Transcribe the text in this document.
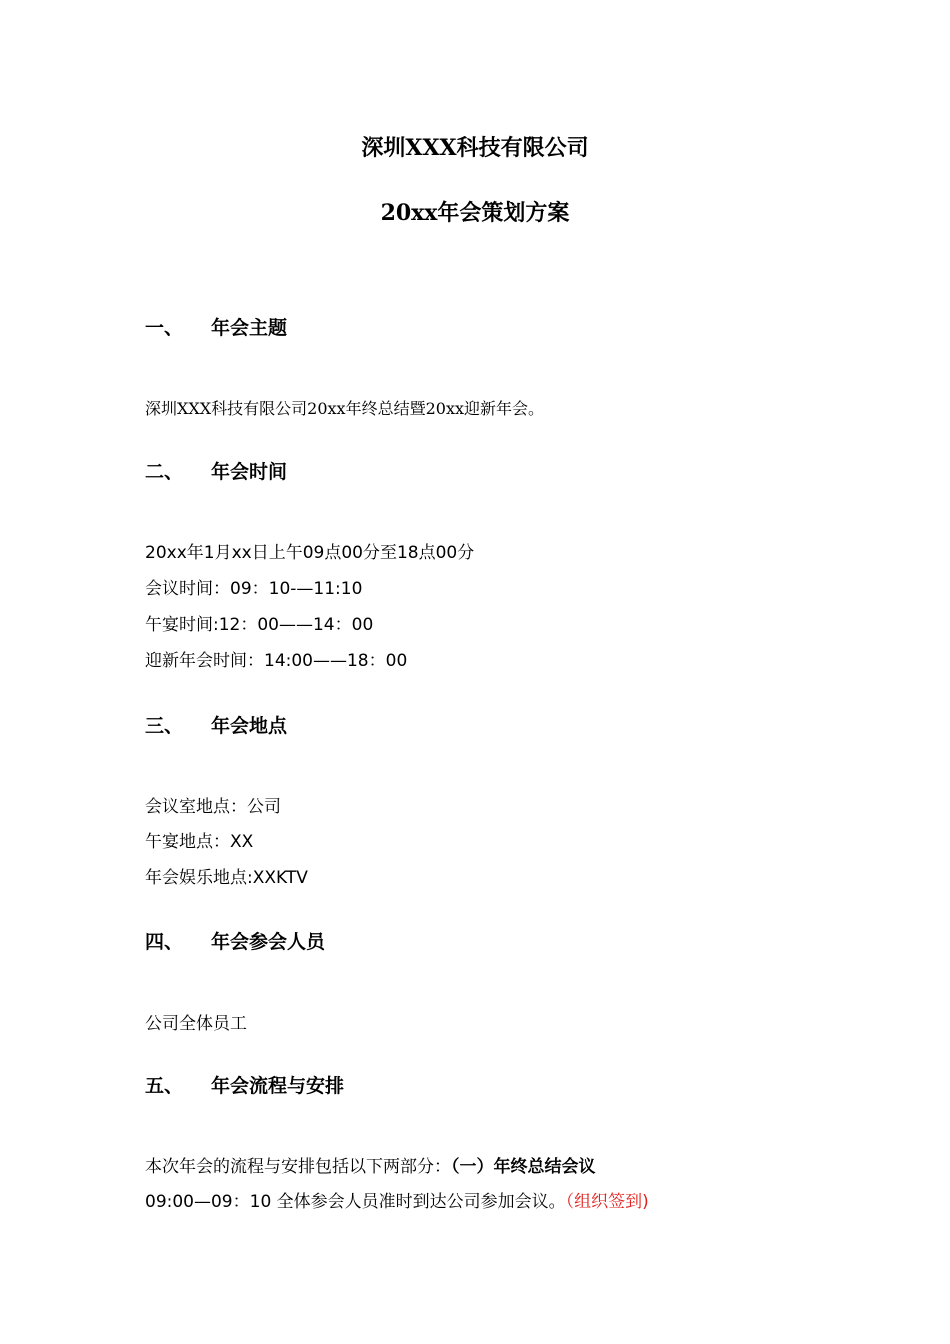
深圳XXX科技有限公司
20xx年会策划方案
一、 年会主题

深圳XXX科技有限公司20xx年终总结暨20xx迎新年会。

二、 年会时间

20xx年1月xx日上午09点00分至18点00分

会议时间：09：10-—11:10

午宴时间:12：00——14：00

迎新年会时间：14:00——18：00

三、 年会地点

会议室地点：公司

午宴地点：XX

年会娱乐地点:XXKTV

四、 年会参会人员

公司全体员工

五、 年会流程与安排

本次年会的流程与安排包括以下两部分：（一）年终总结会议

09:00—09：10 全体参会人员准时到达公司参加会议。（组织签到)
